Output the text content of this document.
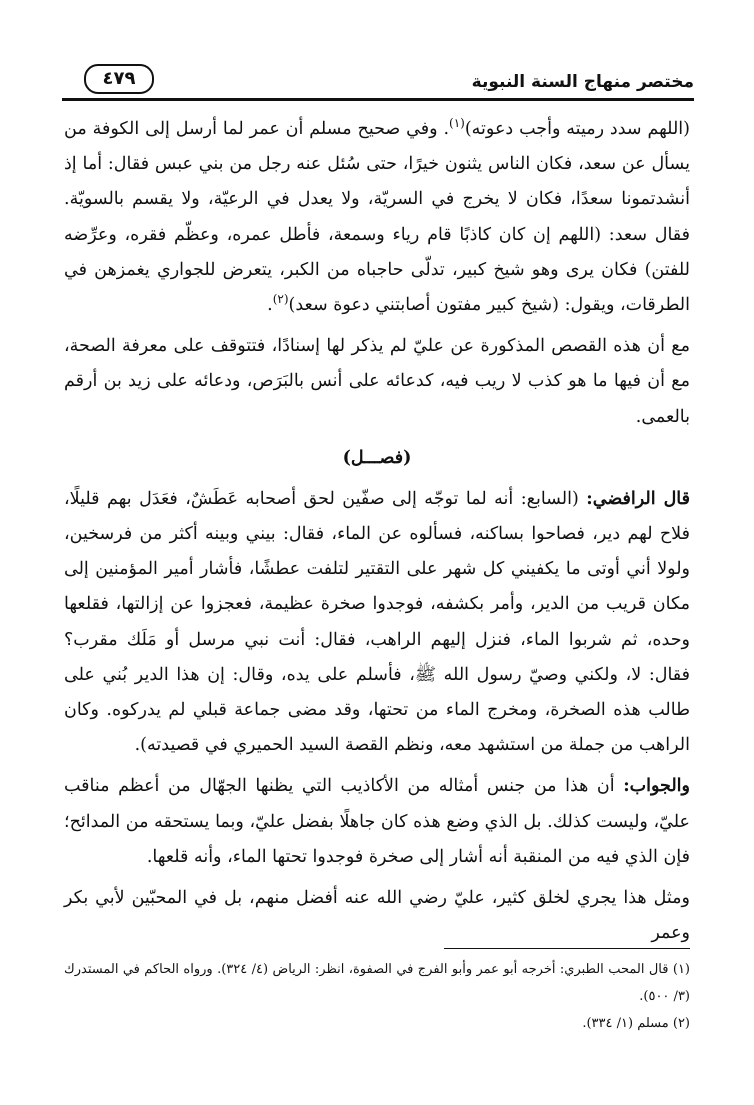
مختصر منهاج السنة النبوية
٤٧٩

(اللهم سدد رميته وأجب دعوته)$^{(١)}$. وفي صحيح مسلم أن عمر لما أرسل إلى الكوفة من يسأل عن سعد، فكان الناس يثنون خيرًا، حتى سُئل عنه رجل من بني عبس فقال: أما إذ أنشدتمونا سعدًا، فكان لا يخرج في السريّة، ولا يعدل في الرعيّة، ولا يقسم بالسويّة. فقال سعد: (اللهم إن كان كاذبًا قام رياء وسمعة، فأطل عمره، وعظّم فقره، وعرِّضه للفتن) فكان يرى وهو شيخ كبير، تدلّى حاجباه من الكبر، يتعرض للجواري يغمزهن في الطرقات، ويقول: (شيخ كبير مفتون أصابتني دعوة سعد)$^{(٢)}$.

مع أن هذه القصص المذكورة عن عليّ لم يذكر لها إسنادًا، فتتوقف على معرفة الصحة، مع أن فيها ما هو كذب لا ريب فيه، كدعائه على أنس بالبَرَص، ودعائه على زيد بن أرقم بالعمى.

(فصـــل)

قال الرافضي: (السابع: أنه لما توجّه إلى صفّين لحق أصحابه عَطَشٌ، فعَدَل بهم قليلًا، فلاح لهم دير، فصاحوا بساكنه، فسألوه عن الماء، فقال: بيني وبينه أكثر من فرسخين، ولولا أني أوتى ما يكفيني كل شهر على التقتير لتلفت عطشًا، فأشار أمير المؤمنين إلى مكان قريب من الدير، وأمر بكشفه، فوجدوا صخرة عظيمة، فعجزوا عن إزالتها، فقلعها وحده، ثم شربوا الماء، فنزل إليهم الراهب، فقال: أنت نبي مرسل أو مَلَك مقرب؟ فقال: لا، ولكني وصيّ رسول الله ﷺ، فأسلم على يده، وقال: إن هذا الدير بُني على طالب هذه الصخرة، ومخرج الماء من تحتها، وقد مضى جماعة قبلي لم يدركوه. وكان الراهب من جملة من استشهد معه، ونظم القصة السيد الحميري في قصيدته).

والجواب: أن هذا من جنس أمثاله من الأكاذيب التي يظنها الجهّال من أعظم مناقب عليّ، وليست كذلك. بل الذي وضع هذه كان جاهلًا بفضل عليّ، وبما يستحقه من المدائح؛ فإن الذي فيه من المنقبة أنه أشار إلى صخرة فوجدوا تحتها الماء، وأنه قلعها.

ومثل هذا يجري لخلق كثير، عليّ رضي الله عنه أفضل منهم، بل في المحبّين لأبي بكر وعمر

(١) قال المحب الطبري: أخرجه أبو عمر وأبو الفرج في الصفوة، انظر: الرياض (٤/ ٣٢٤). ورواه الحاكم في المستدرك (٣/ ٥٠٠).

(٢) مسلم (١/ ٣٣٤).
